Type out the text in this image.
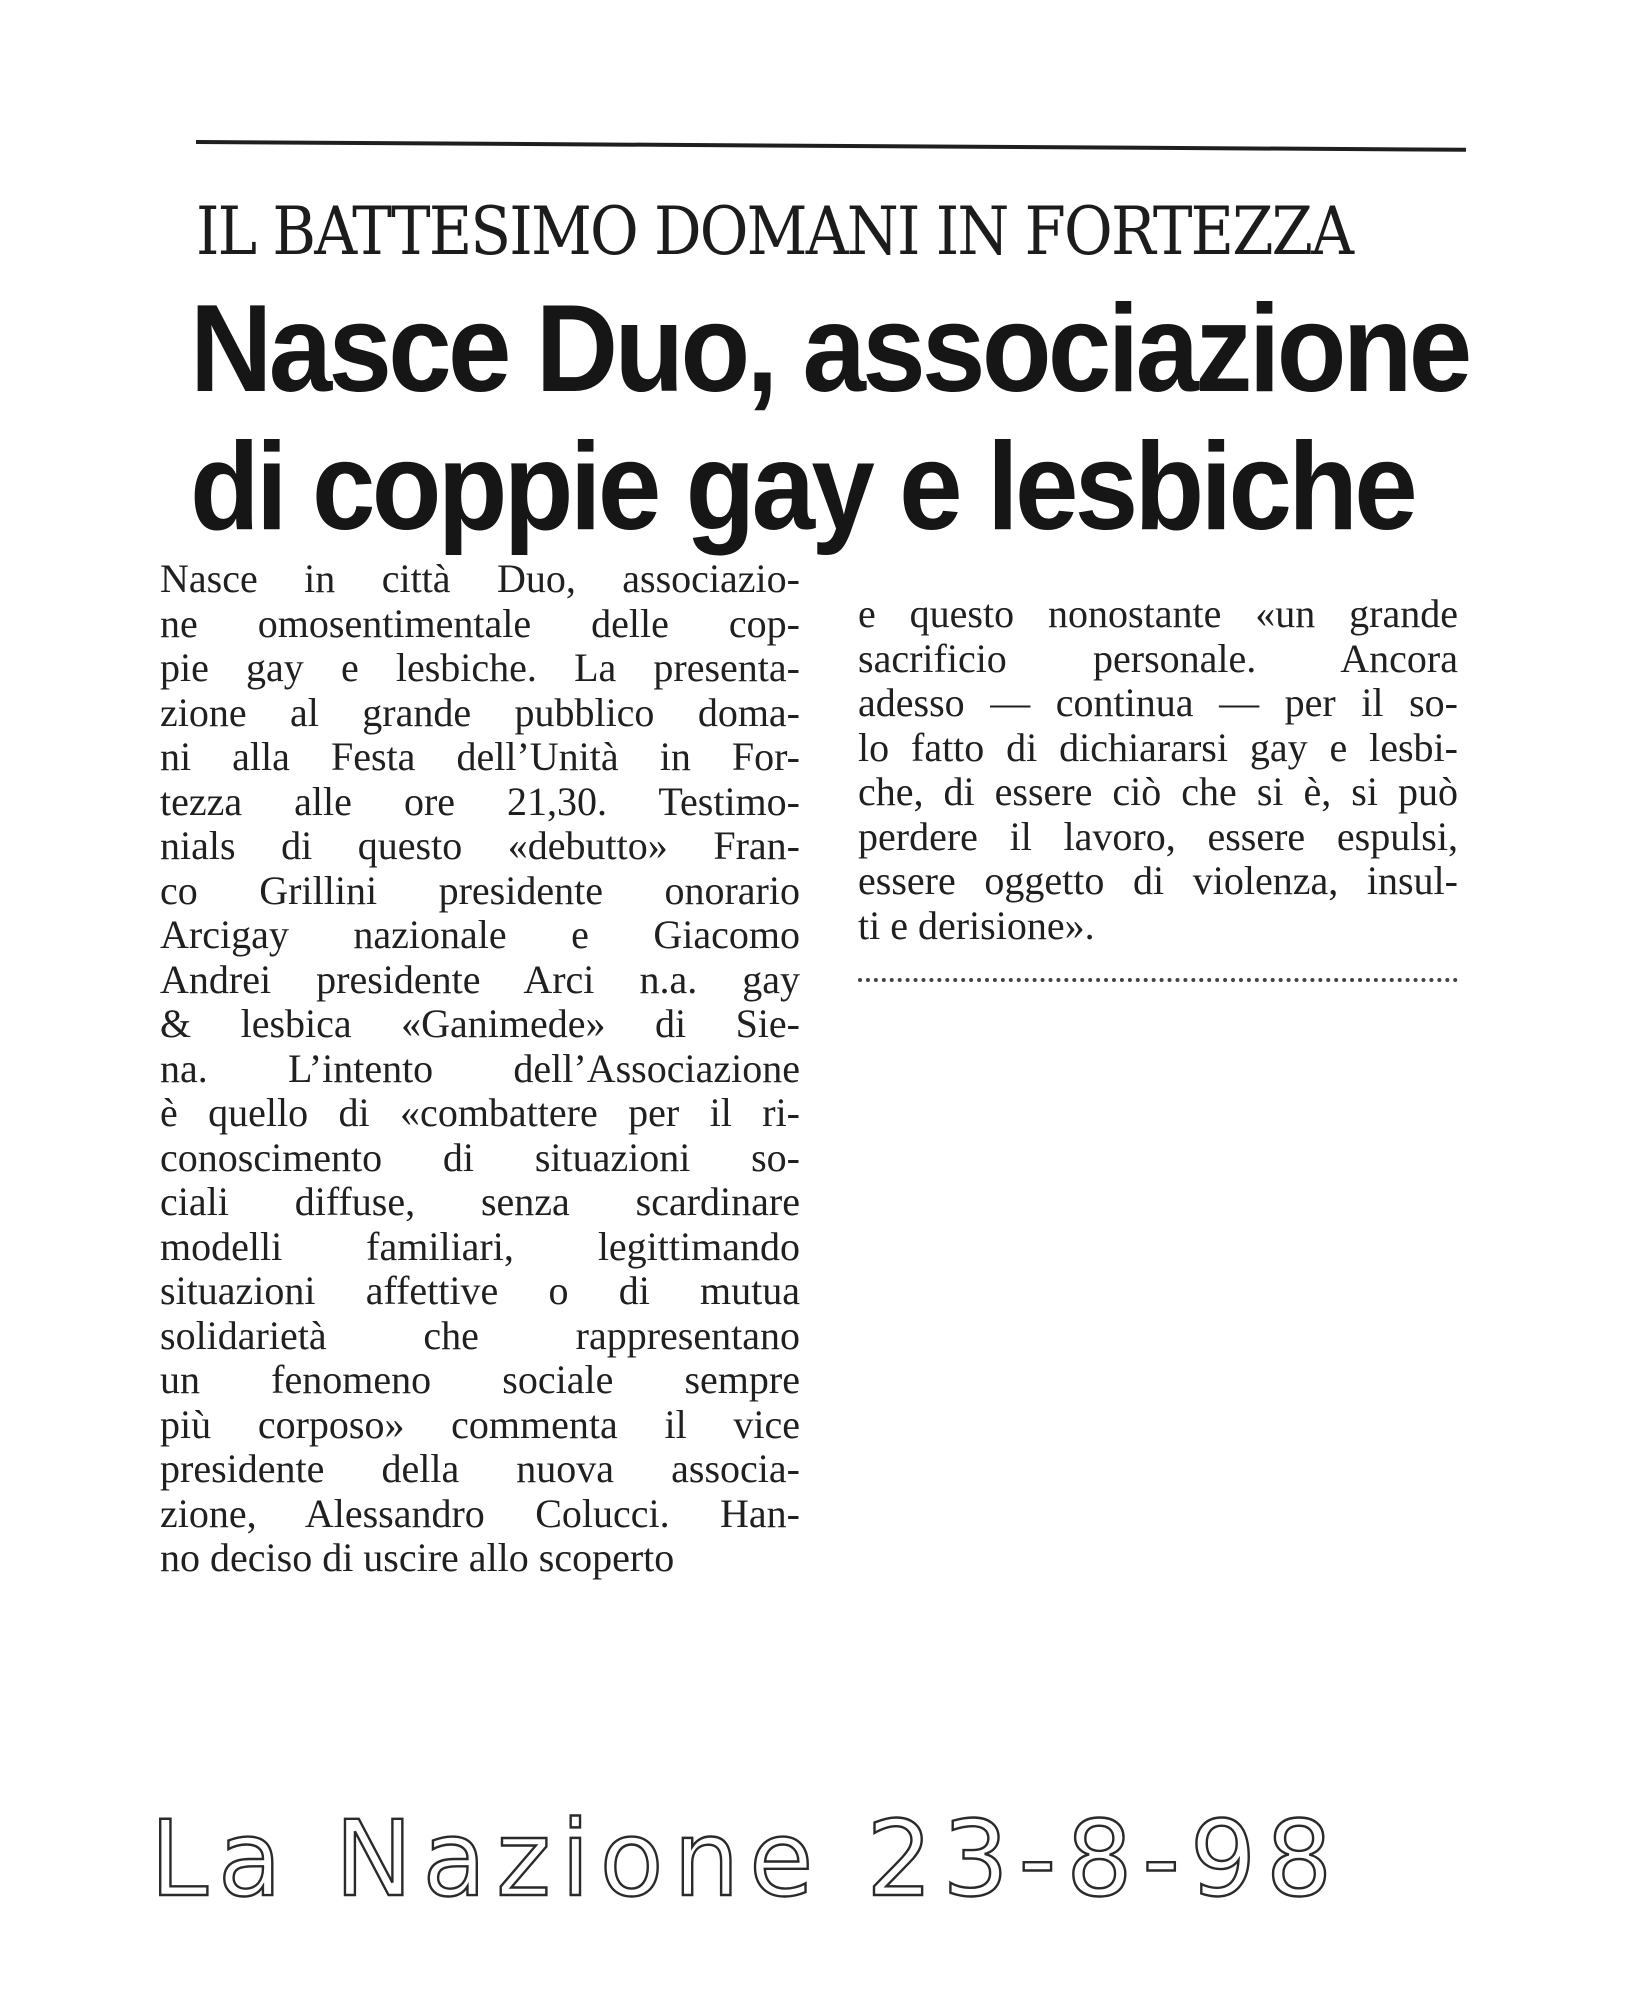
IL BATTESIMO DOMANI IN FORTEZZA
Nasce Duo, associazione
di coppie gay e lesbiche
Nasce in città Duo, associazio-
ne omosentimentale delle cop-
pie gay e lesbiche. La presenta-
zione al grande pubblico doma-
ni alla Festa dell’Unità in For-
tezza alle ore 21,30. Testimo-
nials di questo «debutto» Fran-
co Grillini presidente onorario
Arcigay nazionale e Giacomo
Andrei presidente Arci n.a. gay
& lesbica «Ganimede» di Sie-
na. L’intento dell’Associazione
è quello di «combattere per il ri-
conoscimento di situazioni so-
ciali diffuse, senza scardinare
modelli familiari, legittimando
situazioni affettive o di mutua
solidarietà che rappresentano
un fenomeno sociale sempre
più corposo» commenta il vice
presidente della nuova associa-
zione, Alessandro Colucci. Han-
no deciso di uscire allo scoperto
e questo nonostante «un grande
sacrificio personale. Ancora
adesso — continua — per il so-
lo fatto di dichiararsi gay e lesbi-
che, di essere ciò che si è, si può
perdere il lavoro, essere espulsi,
essere oggetto di violenza, insul-
ti e derisione».
La Nazione 23-8-98
